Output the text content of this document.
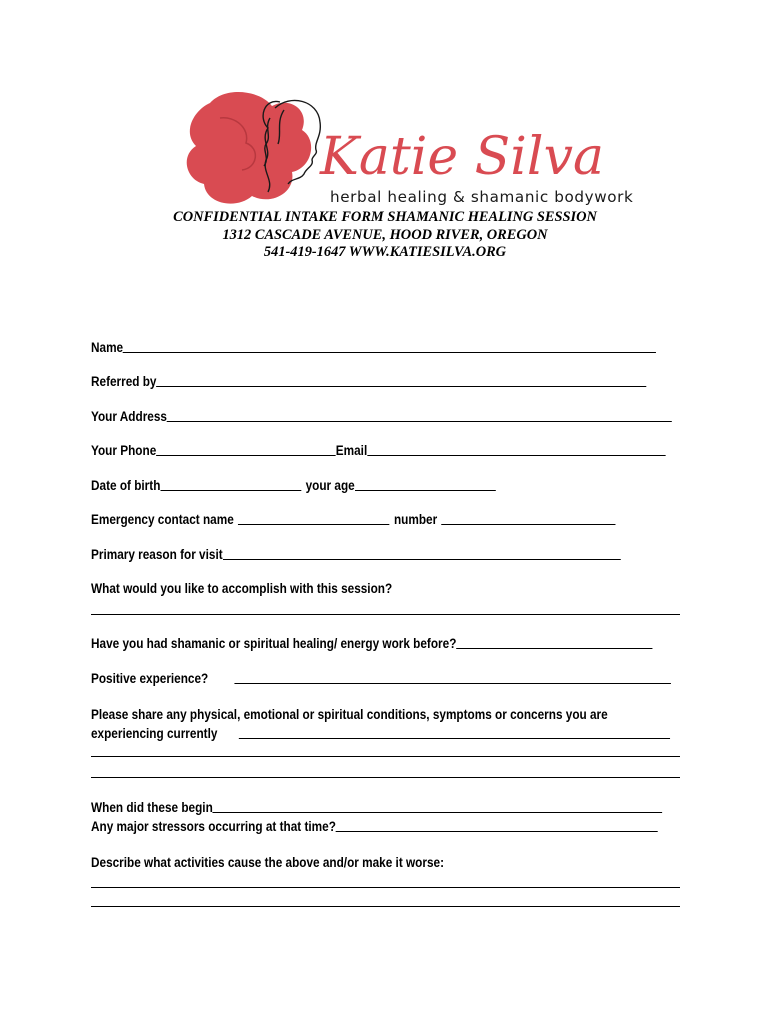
Katie Silva
herbal healing & shamanic bodywork
CONFIDENTIAL INTAKE FORM SHAMANIC HEALING SESSION
1312 CASCADE AVENUE, HOOD RIVER, OREGON
541-419-1647 WWW.KATIESILVA.ORG
Name
Referred by
Your Address
Your Phone	Email
Date of birth	your age
Emergency contact name	number
Primary reason for visit
What would you like to accomplish with this session?
Have you had shamanic or spiritual healing/ energy work before?
Positive experience?
Please share any physical, emotional or spiritual conditions, symptoms or concerns you are
experiencing currently
When did these begin
Any major stressors occurring at that time?
Describe what activities cause the above and/or make it worse:
